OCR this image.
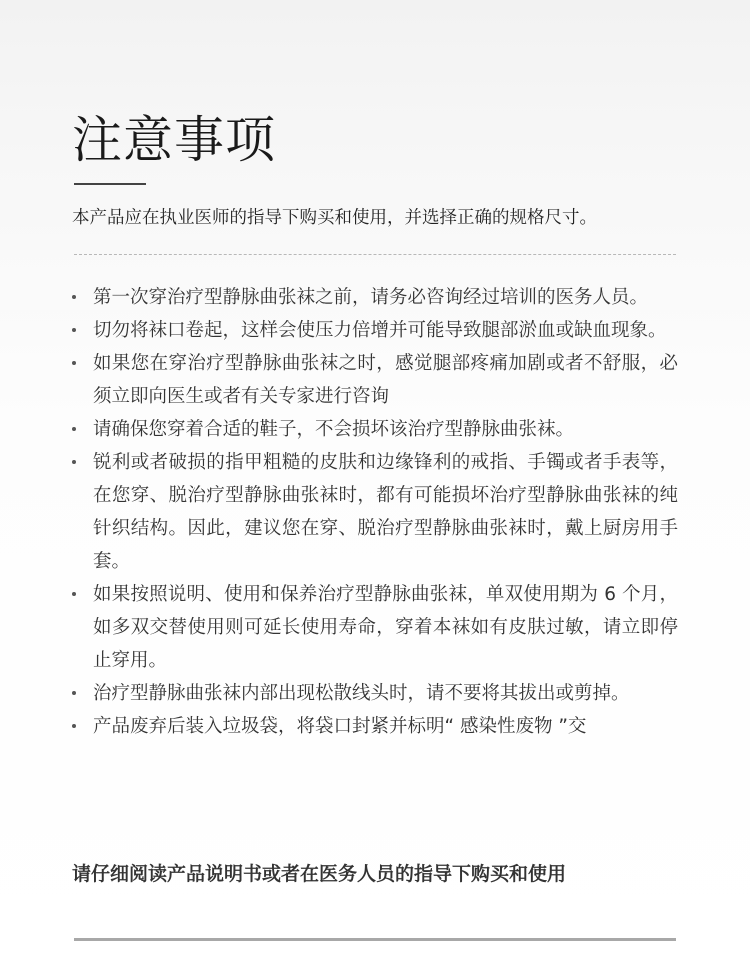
注意事项

本产品应在执业医师的指导下购买和使用，并选择正确的规格尺寸。

第一次穿治疗型静脉曲张袜之前，请务必咨询经过培训的医务人员。
切勿将袜口卷起，这样会使压力倍增并可能导致腿部淤血或缺血现象。
如果您在穿治疗型静脉曲张袜之时，感觉腿部疼痛加剧或者不舒服，必须立即向医生或者有关专家进行咨询
请确保您穿着合适的鞋子，不会损坏该治疗型静脉曲张袜。
锐利或者破损的指甲粗糙的皮肤和边缘锋利的戒指、手镯或者手表等，在您穿、脱治疗型静脉曲张袜时，都有可能损坏治疗型静脉曲张袜的纯针织结构。因此，建议您在穿、脱治疗型静脉曲张袜时，戴上厨房用手套。
如果按照说明、使用和保养治疗型静脉曲张袜，单双使用期为 6 个月，如多双交替使用则可延长使用寿命，穿着本袜如有皮肤过敏，请立即停止穿用。
治疗型静脉曲张袜内部出现松散线头时，请不要将其拔出或剪掉。
产品废弃后装入垃圾袋，将袋口封紧并标明“ 感染性废物 ”交

请仔细阅读产品说明书或者在医务人员的指导下购买和使用
